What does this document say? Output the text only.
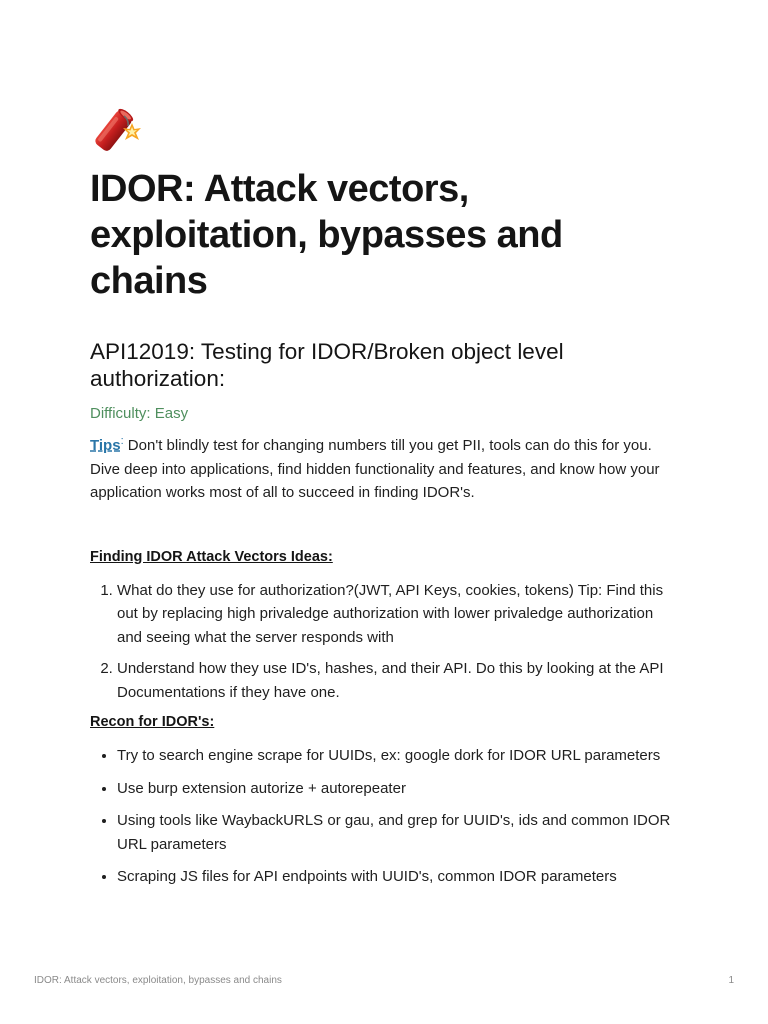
IDOR: Attack vectors, exploitation, bypasses and chains
API12019: Testing for IDOR/Broken object level authorization:
Difficulty: Easy

Tips: Don't blindly test for changing numbers till you get PII, tools can do this for you. Dive deep into applications, find hidden functionality and features, and know how your application works most of all to succeed in finding IDOR's.

Finding IDOR Attack Vectors Ideas:
1. What do they use for authorization?(JWT, API Keys, cookies, tokens) Tip: Find this out by replacing high privaledge authorization with lower privaledge authorization and seeing what the server responds with
2. Understand how they use ID's, hashes, and their API. Do this by looking at the API Documentations if they have one.
Recon for IDOR's:
• Try to search engine scrape for UUIDs, ex: google dork for IDOR URL parameters
• Use burp extension autorize + autorepeater
• Using tools like WaybackURLS or gau, and grep for UUID's, ids and common IDOR URL parameters
• Scraping JS files for API endpoints with UUID's, common IDOR parameters
IDOR: Attack vectors, exploitation, bypasses and chains	1
